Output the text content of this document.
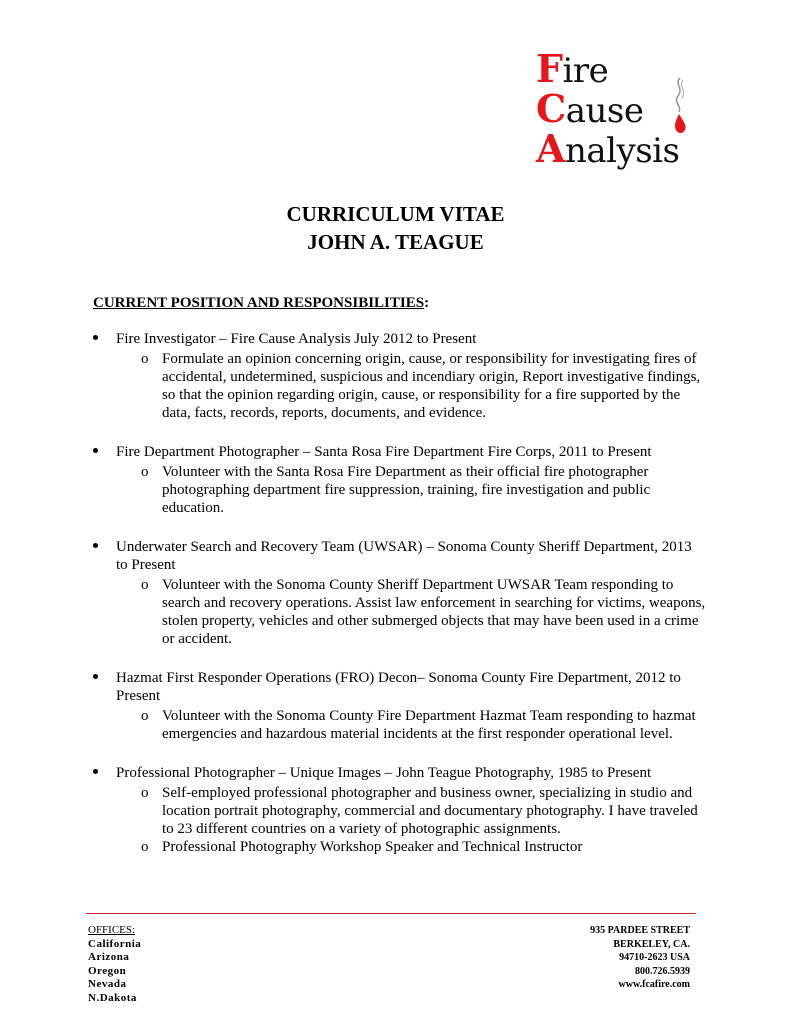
Fire
Cause
Analysis
CURRICULUM VITAE
JOHN A. TEAGUE
CURRENT POSITION AND RESPONSIBILITIES:
Fire Investigator – Fire Cause Analysis July 2012 to Present
o Formulate an opinion concerning origin, cause, or responsibility for investigating fires of accidental, undetermined, suspicious and incendiary origin, Report investigative findings, so that the opinion regarding origin, cause, or responsibility for a fire supported by the data, facts, records, reports, documents, and evidence.
Fire Department Photographer – Santa Rosa Fire Department Fire Corps, 2011 to Present
o Volunteer with the Santa Rosa Fire Department as their official fire photographer photographing department fire suppression, training, fire investigation and public education.
Underwater Search and Recovery Team (UWSAR) – Sonoma County Sheriff Department, 2013 to Present
o Volunteer with the Sonoma County Sheriff Department UWSAR Team responding to search and recovery operations. Assist law enforcement in searching for victims, weapons, stolen property, vehicles and other submerged objects that may have been used in a crime or accident.
Hazmat First Responder Operations (FRO) Decon– Sonoma County Fire Department, 2012 to Present
o Volunteer with the Sonoma County Fire Department Hazmat Team responding to hazmat emergencies and hazardous material incidents at the first responder operational level.
Professional Photographer – Unique Images – John Teague Photography, 1985 to Present
o Self-employed professional photographer and business owner, specializing in studio and location portrait photography, commercial and documentary photography. I have traveled to 23 different countries on a variety of photographic assignments.
o Professional Photography Workshop Speaker and Technical Instructor
OFFICES:
California
Arizona
Oregon
Nevada
N.Dakota
935 PARDEE STREET
BERKELEY, CA.
94710-2623 USA
800.726.5939
www.fcafire.com
